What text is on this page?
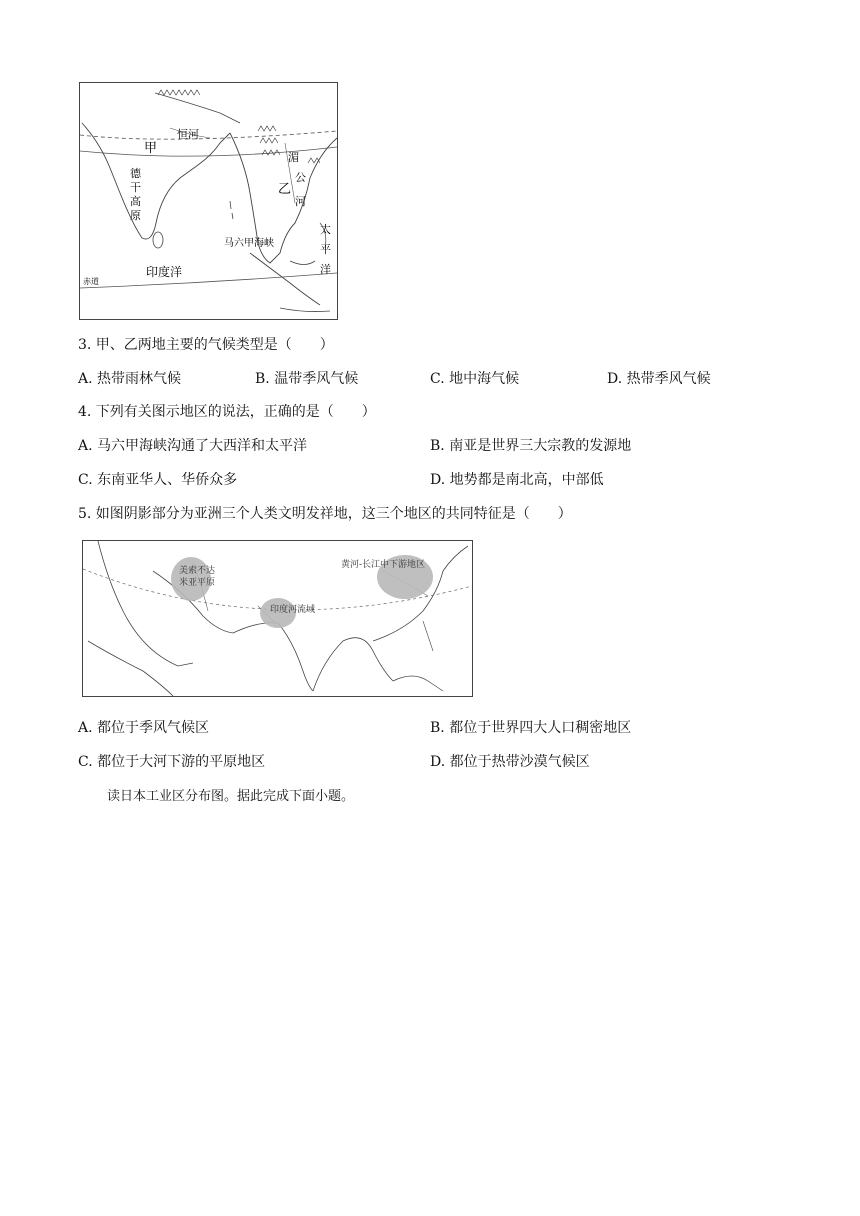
甲
乙
恒河
德
干
高
原
湄
公
河
太
平
洋
马六甲海峡
印度洋
赤道
3. 甲、乙两地主要的气候类型是（　　）
A. 热带雨林气候	B. 温带季风气候	C. 地中海气候	D. 热带季风气候
4. 下列有关图示地区的说法，正确的是（　　）
A. 马六甲海峡沟通了大西洋和太平洋	B. 南亚是世界三大宗教的发源地
C. 东南亚华人、华侨众多	D. 地势都是南北高，中部低
5. 如图阴影部分为亚洲三个人类文明发祥地，这三个地区的共同特征是（　　）
美索不达
米亚平原
印度河流域
黄河-长江中下游地区
A. 都位于季风气候区	B. 都位于世界四大人口稠密地区
C. 都位于大河下游的平原地区	D. 都位于热带沙漠气候区
读日本工业区分布图。据此完成下面小题。
